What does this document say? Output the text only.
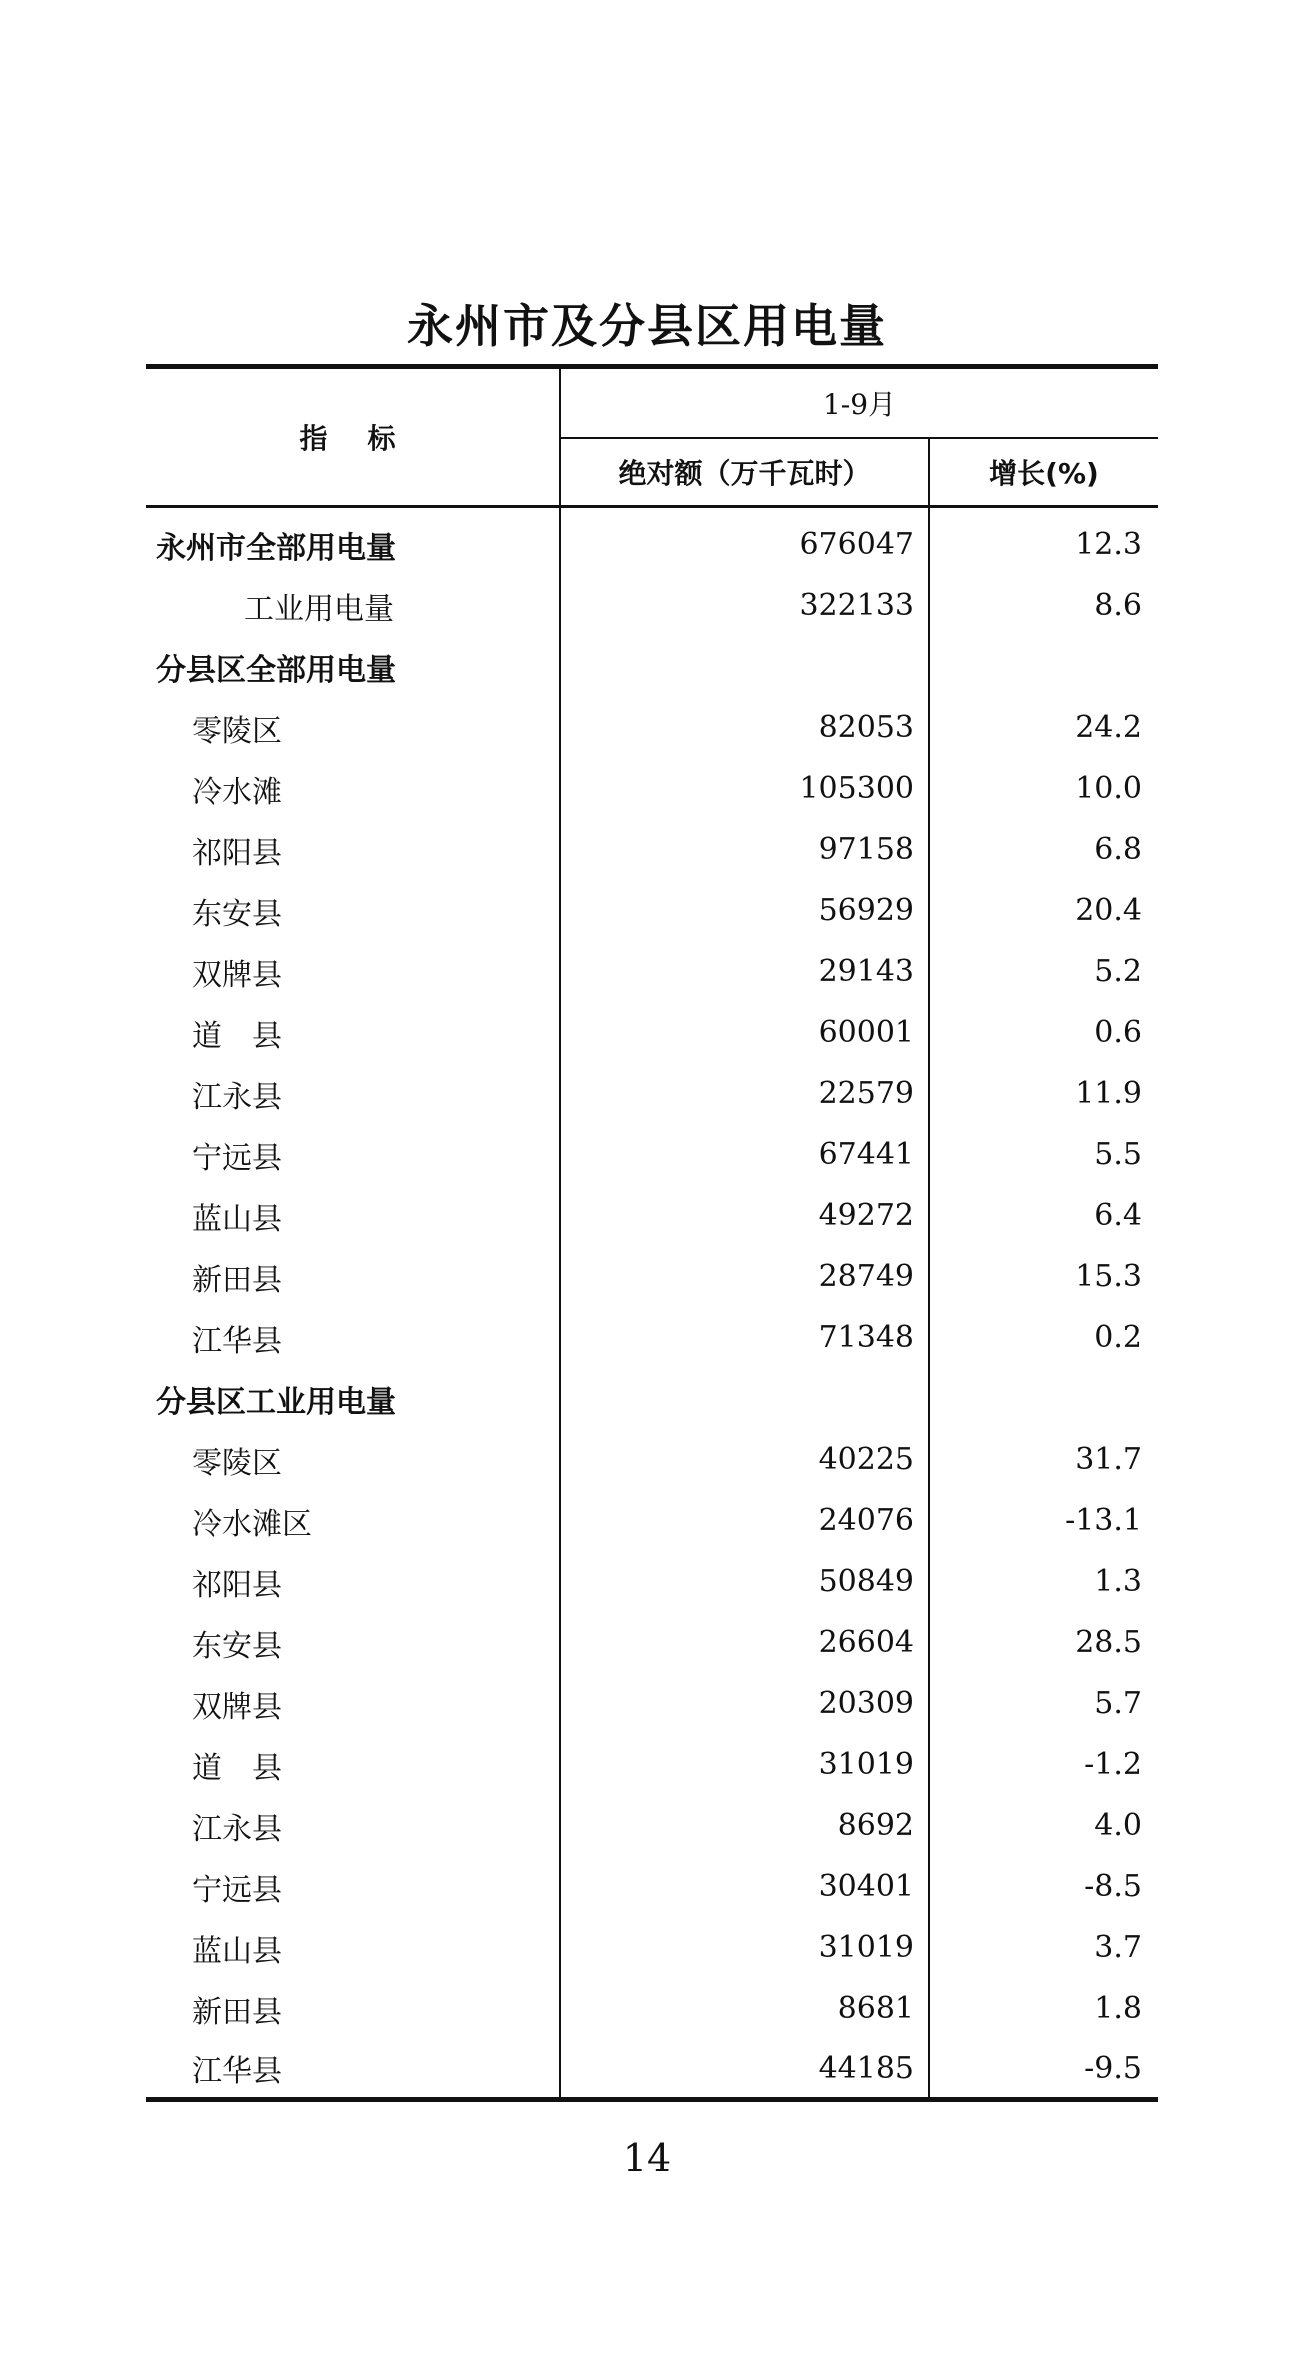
永州市及分县区用电量
指标	1-9月	
	绝对额（万千瓦时）	增长(%)
永州市全部用电量	676047	12.3
工业用电量	322133	8.6
分县区全部用电量		
零陵区	82053	24.2
冷水滩	105300	10.0
祁阳县	97158	6.8
东安县	56929	20.4
双牌县	29143	5.2
道　县	60001	0.6
江永县	22579	11.9
宁远县	67441	5.5
蓝山县	49272	6.4
新田县	28749	15.3
江华县	71348	0.2
分县区工业用电量		
零陵区	40225	31.7
冷水滩区	24076	-13.1
祁阳县	50849	1.3
东安县	26604	28.5
双牌县	20309	5.7
道　县	31019	-1.2
江永县	8692	4.0
宁远县	30401	-8.5
蓝山县	31019	3.7
新田县	8681	1.8
江华县	44185	-9.5
14
